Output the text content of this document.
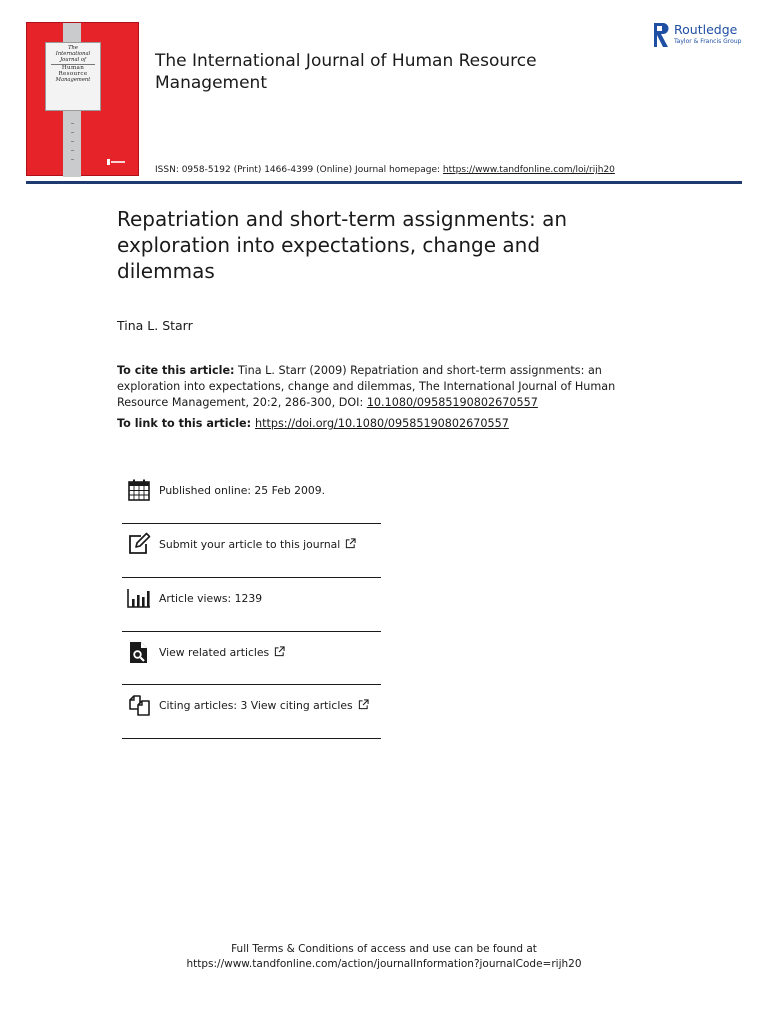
The
International
Journal of
Human
Resource
Management
The International Journal of Human Resource Management
Routledge
Taylor & Francis Group
ISSN: 0958-5192 (Print) 1466-4399 (Online) Journal homepage: https://www.tandfonline.com/loi/rijh20
Repatriation and short-term assignments: an exploration into expectations, change and dilemmas
Tina L. Starr
To cite this article: Tina L. Starr (2009) Repatriation and short-term assignments: an exploration into expectations, change and dilemmas, The International Journal of Human Resource Management, 20:2, 286-300, DOI: 10.1080/09585190802670557
To link to this article: https://doi.org/10.1080/09585190802670557
Published online: 25 Feb 2009.
Submit your article to this journal
Article views: 1239
View related articles
Citing articles: 3 View citing articles
Full Terms & Conditions of access and use can be found at
https://www.tandfonline.com/action/journalInformation?journalCode=rijh20
